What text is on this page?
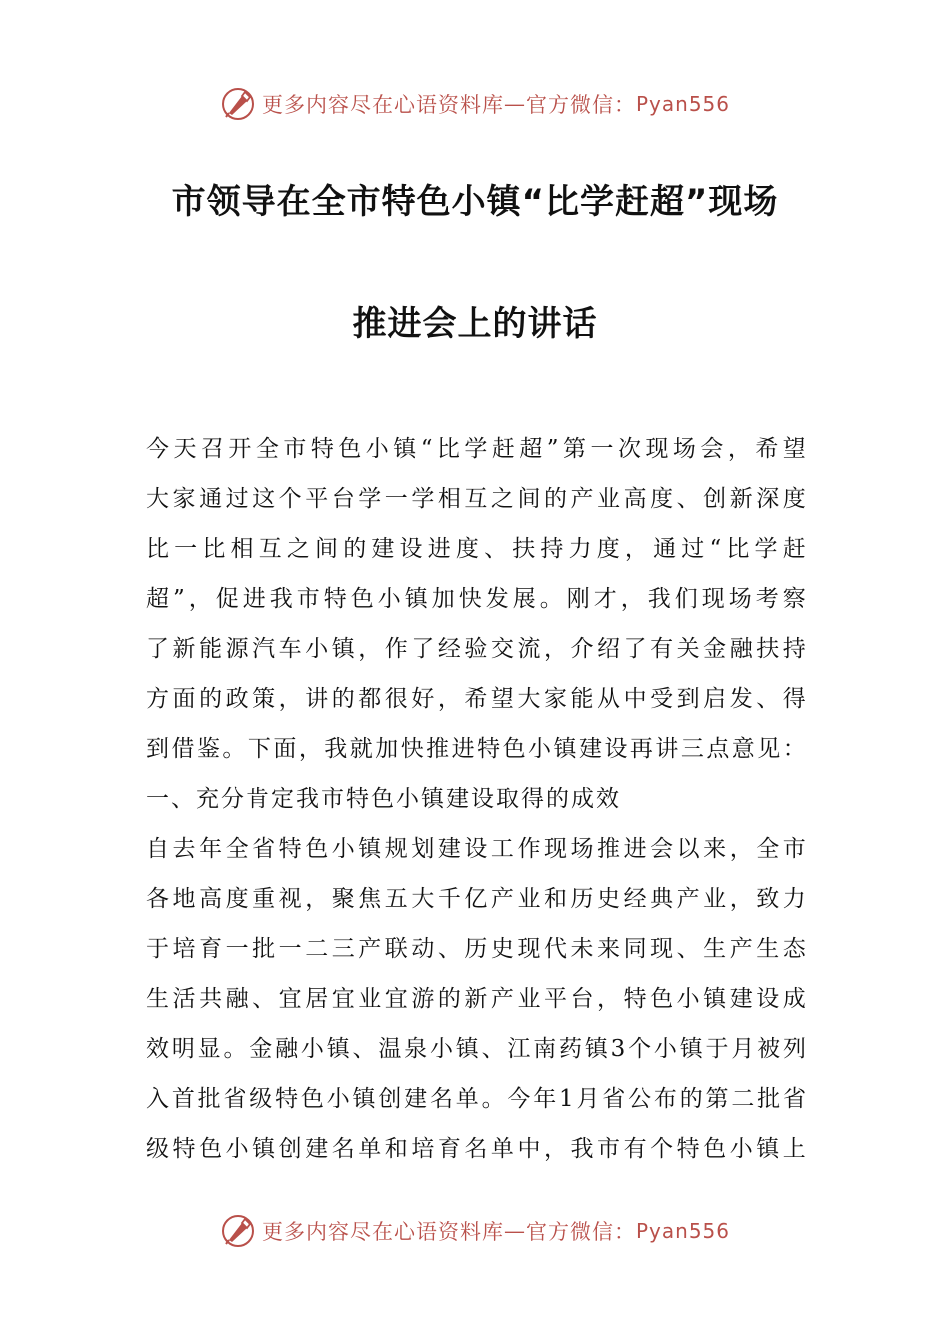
更多内容尽在心语资料库 — 官方微信： Pyan556
市领导在全市特色小镇“比学赶超”现场
推进会上的讲话
今 天 召 开 全 市 特 色 小 镇 “ 比 学 赶 超 ” 第 一 次 现 场 会 ， 希 望
大 家 通 过 这 个 平 台 学 一 学 相 互 之 间 的 产 业 高 度 、 创 新 深 度
比 一 比 相 互 之 间 的 建 设 进 度 、 扶 持 力 度 ， 通 过 “ 比 学 赶
超 ” ， 促 进 我 市 特 色 小 镇 加 快 发 展 。 刚 才 ， 我 们 现 场 考 察
了 新 能 源 汽 车 小 镇 ， 作 了 经 验 交 流 ， 介 绍 了 有 关 金 融 扶 持
方 面 的 政 策 ， 讲 的 都 很 好 ， 希 望 大 家 能 从 中 受 到 启 发 、 得
到 借 鉴 。 下 面 ， 我 就 加 快 推 进 特 色 小 镇 建 设 再 讲 三 点 意 见 ：
一、充分肯定我市特色小镇建设取得的成效
自 去 年 全 省 特 色 小 镇 规 划 建 设 工 作 现 场 推 进 会 以 来 ， 全 市
各 地 高 度 重 视 ， 聚 焦 五 大 千 亿 产 业 和 历 史 经 典 产 业 ， 致 力
于 培 育 一 批 一 二 三 产 联 动 、 历 史 现 代 未 来 同 现 、 生 产 生 态
生 活 共 融 、 宜 居 宜 业 宜 游 的 新 产 业 平 台 ， 特 色 小 镇 建 设 成
效 明 显 。 金 融 小 镇 、 温 泉 小 镇 、 江 南 药 镇 3 个 小 镇 于 月 被 列
入 首 批 省 级 特 色 小 镇 创 建 名 单 。 今 年 1 月 省 公 布 的 第 二 批 省
级 特 色 小 镇 创 建 名 单 和 培 育 名 单 中 ， 我 市 有 个 特 色 小 镇 上
更多内容尽在心语资料库 — 官方微信： Pyan556
